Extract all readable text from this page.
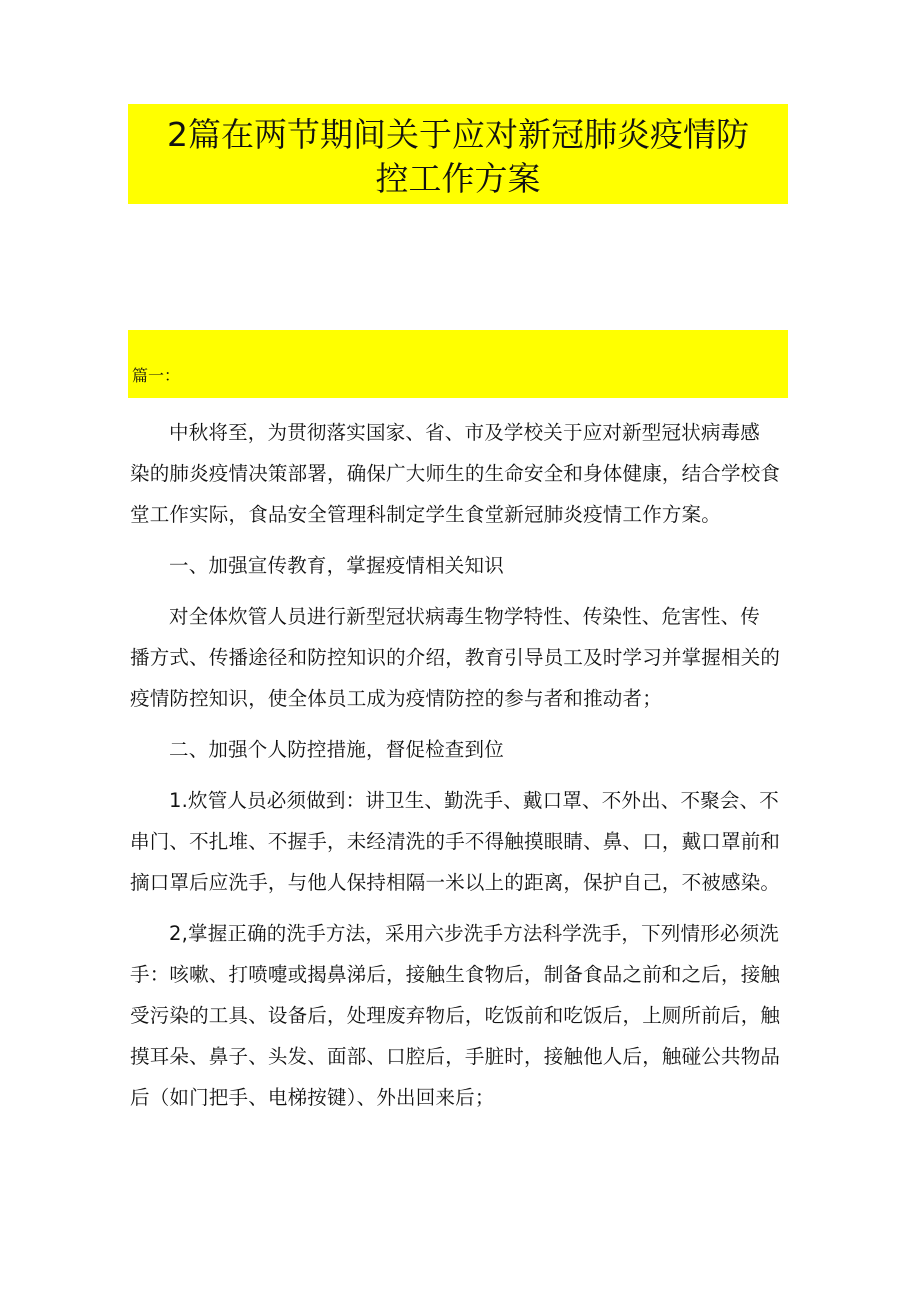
2篇在两节期间关于应对新冠肺炎疫情防
控工作方案
篇一：

中秋将至，为贯彻落实国家、省、市及学校关于应对新型冠状病毒感
染的肺炎疫情决策部署，确保广大师生的生命安全和身体健康，结合学校食
堂工作实际，食品安全管理科制定学生食堂新冠肺炎疫情工作方案。

一、加强宣传教育，掌握疫情相关知识

对全体炊管人员进行新型冠状病毒生物学特性、传染性、危害性、传
播方式、传播途径和防控知识的介绍，教育引导员工及时学习并掌握相关的
疫情防控知识，使全体员工成为疫情防控的参与者和推动者；

二、加强个人防控措施，督促检查到位

1.炊管人员必须做到：讲卫生、勤洗手、戴口罩、不外出、不聚会、不
串门、不扎堆、不握手，未经清洗的手不得触摸眼睛、鼻、口，戴口罩前和
摘口罩后应洗手，与他人保持相隔一米以上的距离，保护自己，不被感染。

2,掌握正确的洗手方法，采用六步洗手方法科学洗手，下列情形必须洗
手：咳嗽、打喷嚏或揭鼻涕后，接触生食物后，制备食品之前和之后，接触
受污染的工具、设备后，处理废弃物后，吃饭前和吃饭后，上厕所前后，触
摸耳朵、鼻子、头发、面部、口腔后，手脏时，接触他人后，触碰公共物品
后（如门把手、电梯按键）、外出回来后；
